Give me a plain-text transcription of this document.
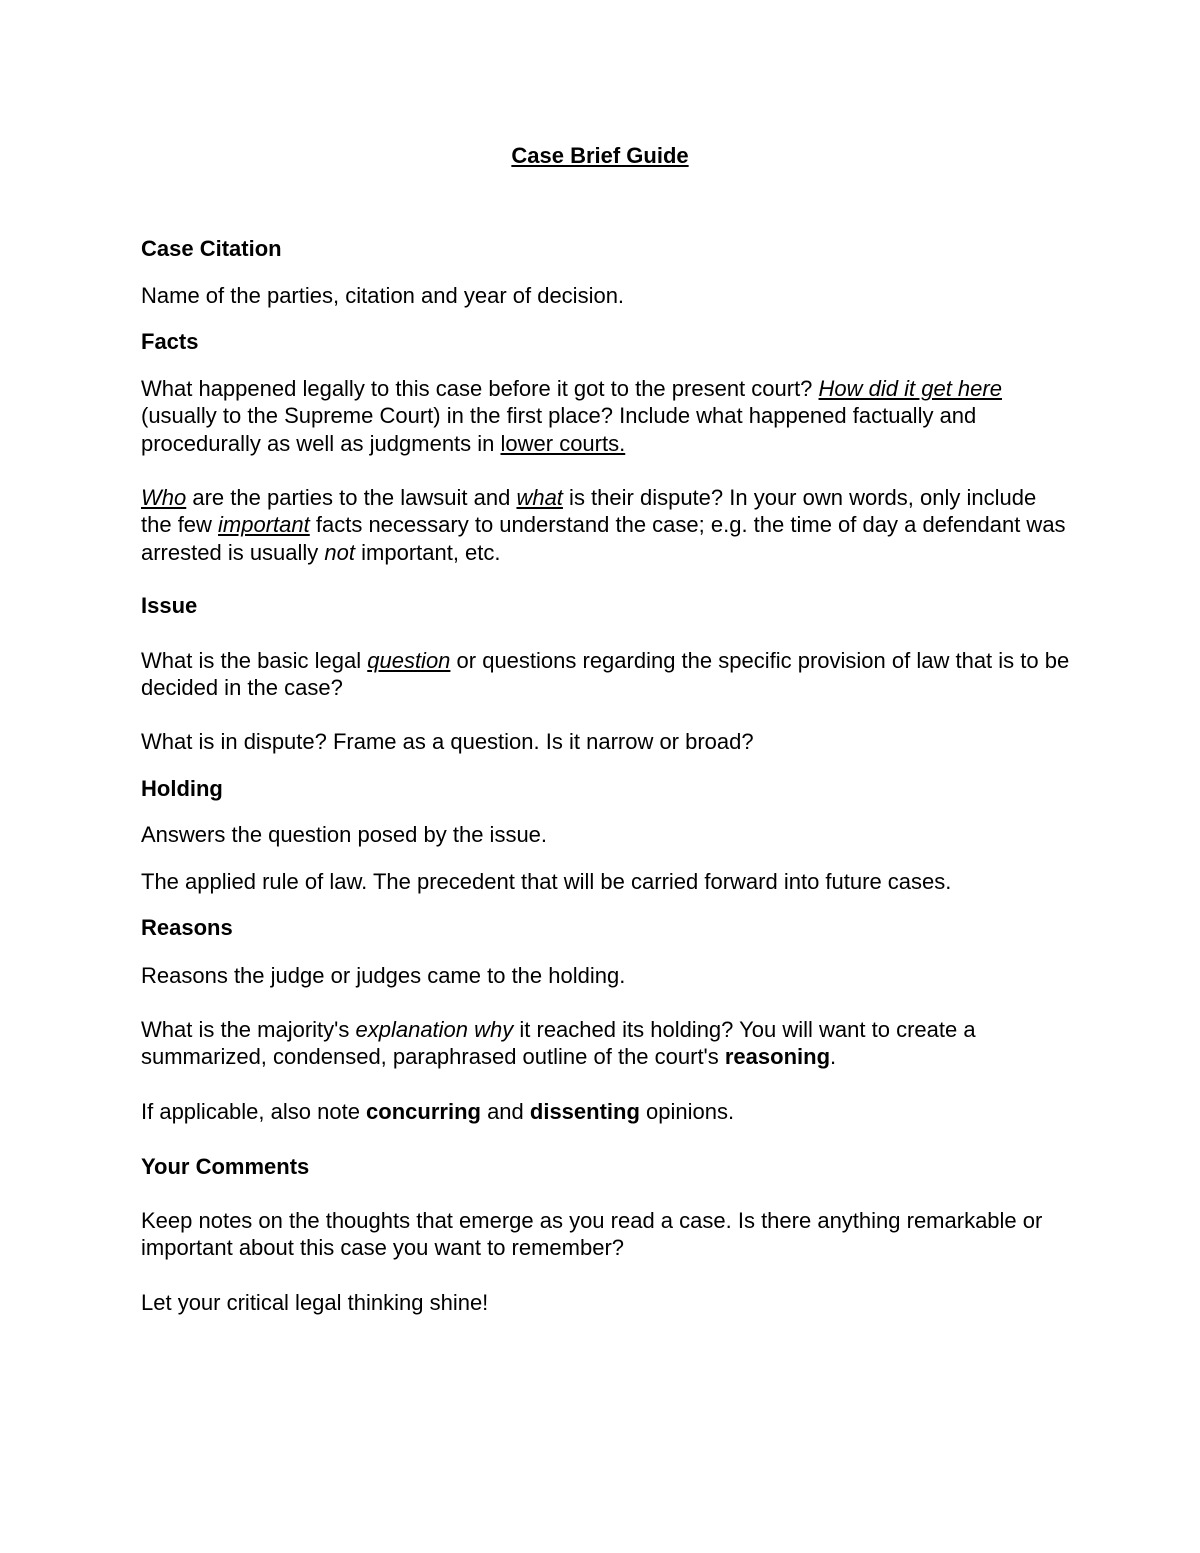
Case Brief Guide

Case Citation

Name of the parties, citation and year of decision.

Facts

What happened legally to this case before it got to the present court? How did it get here (usually to the Supreme Court) in the first place? Include what happened factually and procedurally as well as judgments in lower courts.

Who are the parties to the lawsuit and what is their dispute? In your own words, only include the few important facts necessary to understand the case; e.g. the time of day a defendant was arrested is usually not important, etc.

Issue

What is the basic legal question or questions regarding the specific provision of law that is to be decided in the case?

What is in dispute? Frame as a question. Is it narrow or broad?

Holding

Answers the question posed by the issue.

The applied rule of law. The precedent that will be carried forward into future cases.

Reasons

Reasons the judge or judges came to the holding.

What is the majority's explanation why it reached its holding? You will want to create a summarized, condensed, paraphrased outline of the court's reasoning.

If applicable, also note concurring and dissenting opinions.

Your Comments

Keep notes on the thoughts that emerge as you read a case. Is there anything remarkable or important about this case you want to remember?

Let your critical legal thinking shine!
